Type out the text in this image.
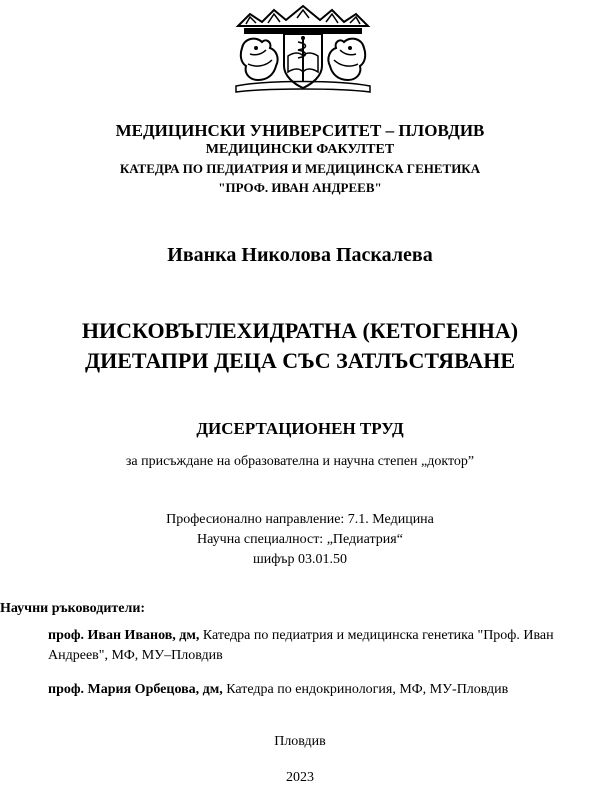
МЕДИЦИНСКИ УНИВЕРСИТЕТ – ПЛОВДИВ
МЕДИЦИНСКИ ФАКУЛТЕТ
КАТЕДРА ПО ПЕДИАТРИЯ И МЕДИЦИНСКА ГЕНЕТИКА
"ПРОФ. ИВАН АНДРЕЕВ"
Иванка Николова Паскалева
НИСКОВЪГЛЕХИДРАТНА (КЕТОГЕННА)
ДИЕТАПРИ ДЕЦА СЪС ЗАТЛЪСТЯВАНЕ
ДИСЕРТАЦИОНЕН ТРУД
за присъждане на образователна и научна степен „доктор”
Професионално направление: 7.1. Медицина
Научна специалност: „Педиатрия“
шифър 03.01.50
Научни ръководители:
проф. Иван Иванов, дм, Катедра по педиатрия и медицинска генетика "Проф. Иван Андреев", МФ, МУ–Пловдив
проф. Мария Орбецова, дм, Катедра по ендокринология, МФ, МУ-Пловдив
Пловдив
2023
